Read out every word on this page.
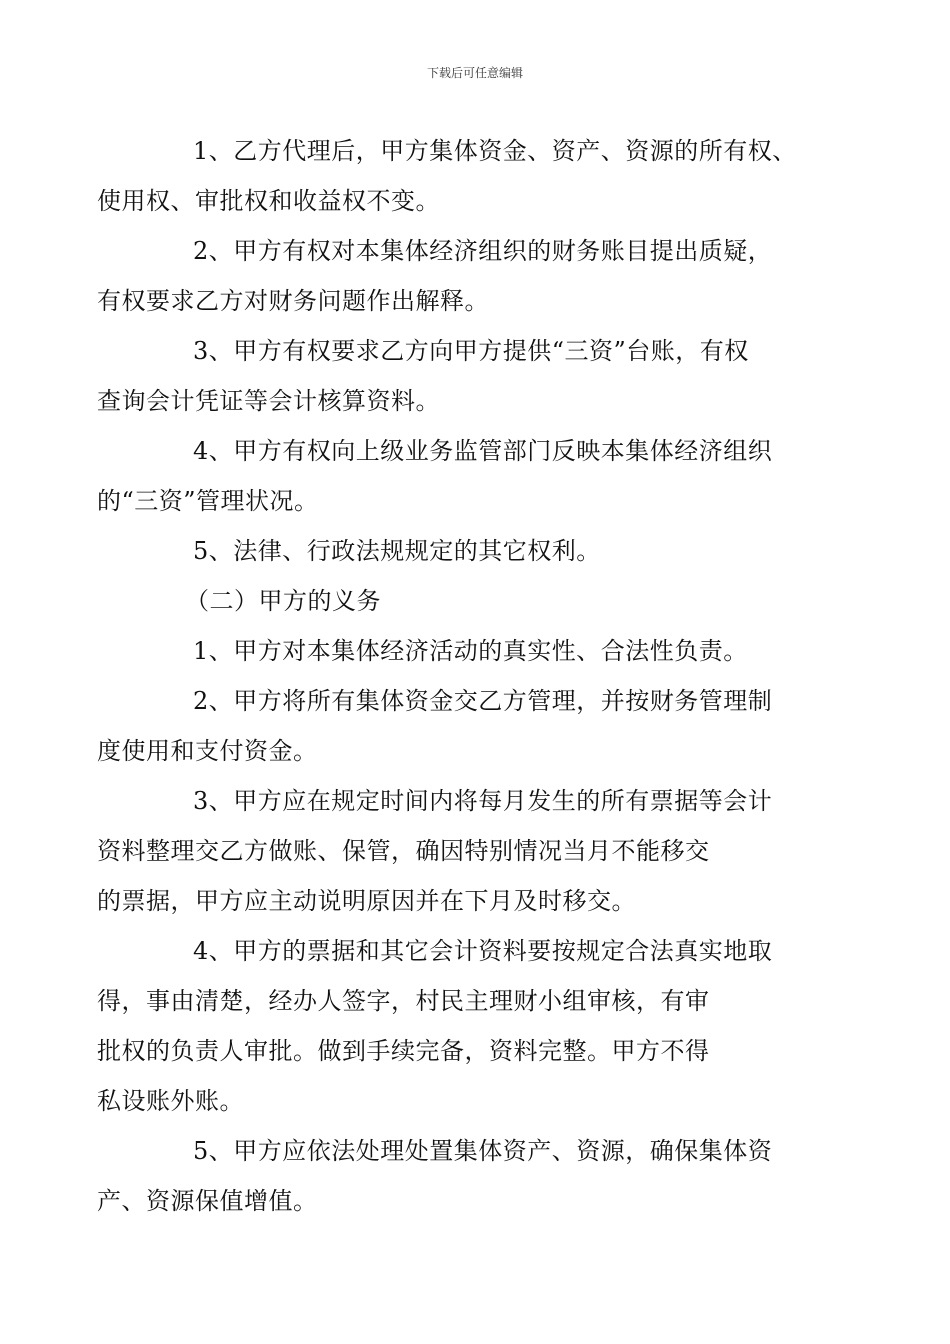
下载后可任意编辑

1、乙方代理后，甲方集体资金、资产、资源的所有权、
使用权、审批权和收益权不变。

2、甲方有权对本集体经济组织的财务账目提出质疑，
有权要求乙方对财务问题作出解释。

3、甲方有权要求乙方向甲方提供“三资”台账，有权
查询会计凭证等会计核算资料。

4、甲方有权向上级业务监管部门反映本集体经济组织
的“三资”管理状况。

5、法律、行政法规规定的其它权利。

（二）甲方的义务

1、甲方对本集体经济活动的真实性、合法性负责。

2、甲方将所有集体资金交乙方管理，并按财务管理制
度使用和支付资金。

3、甲方应在规定时间内将每月发生的所有票据等会计
资料整理交乙方做账、保管，确因特别情况当月不能移交
的票据，甲方应主动说明原因并在下月及时移交。

4、甲方的票据和其它会计资料要按规定合法真实地取
得，事由清楚，经办人签字，村民主理财小组审核，有审
批权的负责人审批。做到手续完备，资料完整。甲方不得
私设账外账。

5、甲方应依法处理处置集体资产、资源，确保集体资
产、资源保值增值。
